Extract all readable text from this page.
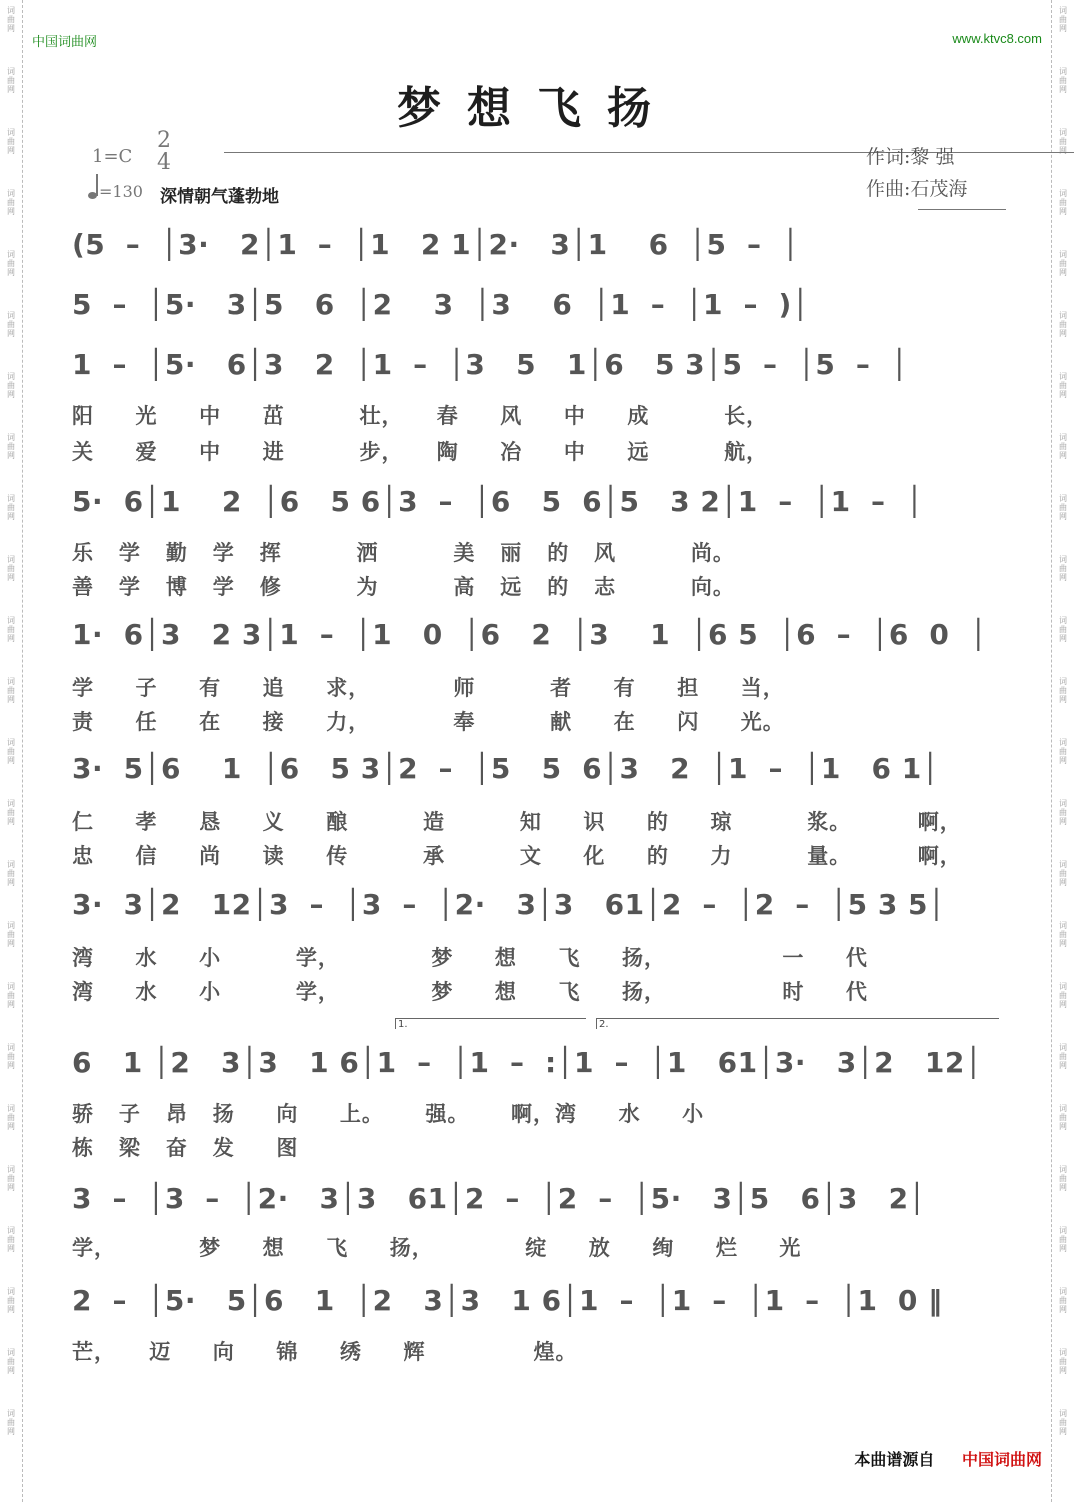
词
曲
网
词
曲
网
词
曲
网
词
曲
网
词
曲
网
词
曲
网
词
曲
网
词
曲
网
词
曲
网
词
曲
网
词
曲
网
词
曲
网
词
曲
网
词
曲
网
词
曲
网
词
曲
网
词
曲
网
词
曲
网
词
曲
网
词
曲
网
词
曲
网
词
曲
网
词
曲
网
词
曲
网
词
曲
网
词
曲
网
词
曲
网
词
曲
网
词
曲
网
词
曲
网
词
曲
网
词
曲
网
词
曲
网
词
曲
网
词
曲
网
词
曲
网
词
曲
网
词
曲
网
词
曲
网
词
曲
网
词
曲
网
词
曲
网
词
曲
网
词
曲
网
词
曲
网
词
曲
网
词
曲
网
词
曲
网
中国词曲网	www.ktvc8.com
梦想飞扬
1=C
2
4
=130 深情朝气蓬勃地
作词:黎 强
作曲:石茂海
(5  –  │3·   2│1  –  │1   2 1│2·   3│1    6  │5  –  │
5  –  │5·   3│5   6  │2    3  │3    6  │1  –  │1  –  )│
1  –  │5·   6│3   2  │1  –  │3   5   1│6   5 3│5  –  │5  –  │
阳     光     中     茁         壮，    春     风     中     成         长，
关     爱     中     进         步，    陶     冶     中     远         航，
5·  6│1    2  │6   5 6│3  –  │6   5  6│5   3 2│1  –  │1  –  │
乐   学   勤   学   挥         洒         美   丽   的   风         尚。
善   学   博   学   修         为         高   远   的   志         向。
1·  6│3   2 3│1  –  │1   0  │6   2  │3    1  │6 5  │6  –  │6  0  │
学     子     有     追     求，          师         者     有     担     当，
责     任     在     接     力，          奉         献     在     闪     光。
3·  5│6    1  │6   5 3│2  –  │5   5  6│3   2  │1  –  │1   6 1│
仁     孝     恳     义     酿         造         知     识     的     琼         浆。        啊，
忠     信     尚     读     传         承         文     化     的     力         量。        啊，
3·  3│2   12│3  –  │3  –  │2·   3│3   61│2  –  │2  –  │5 3 5│
湾     水     小         学，           梦     想     飞     扬，              一     代
湾     水     小         学，           梦     想     飞     扬，              时     代
6   1 │2   3│3   1 6│1  –  │1  –  :│1  –  │1   61│3·   3│2   12│
骄   子   昂   扬     向     上。     强。     啊，湾     水     小
栋   梁   奋   发     图
3  –  │3  –  │2·   3│3   61│2  –  │2  –  │5·   3│5   6│3   2│
学，          梦     想     飞     扬，           绽     放     绚     烂     光
2  –  │5·   5│6   1  │2   3│3   1 6│1  –  │1  –  │1  –  │1  0 ‖
芒，    迈     向     锦     绣     辉             煌。
本曲谱源自 中国词曲网
1.	2.
